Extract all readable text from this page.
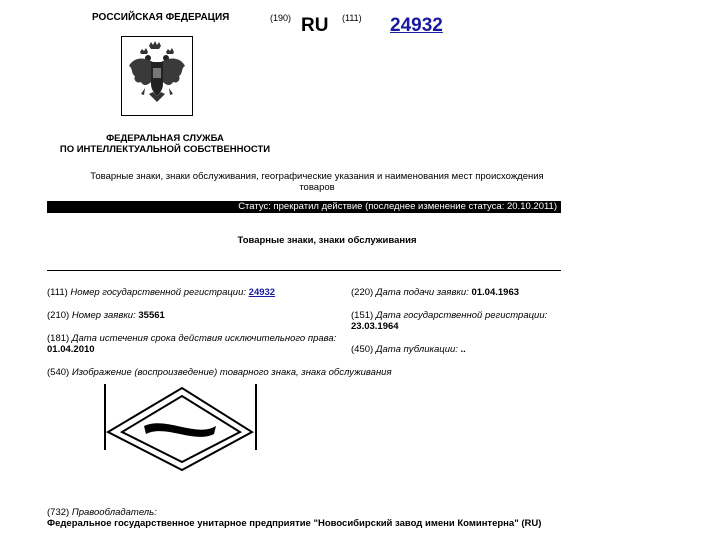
РОССИЙСКАЯ ФЕДЕРАЦИЯ	(190) RU (111) 24932
ФЕДЕРАЛЬНАЯ СЛУЖБА
ПО ИНТЕЛЛЕКТУАЛЬНОЙ СОБСТВЕННОСТИ
Товарные знаки, знаки обслуживания, географические указания и наименования мест происхождения
товаров
Статус: прекратил действие (последнее изменение статуса: 20.10.2011)
Товарные знаки, знаки обслуживания
(111) Номер государственной регистрации: 24932	(220) Дата подачи заявки: 01.04.1963
(210) Номер заявки: 35561	(151) Дата государственной регистрации:
23.03.1964
(181) Дата истечения срока действия исключительного права:
01.04.2010	(450) Дата публикации: ..
(540) Изображение (воспроизведение) товарного знака, знака обслуживания
(732) Правообладатель:
Федеральное государственное унитарное предприятие "Новосибирский завод имени Коминтерна" (RU)
